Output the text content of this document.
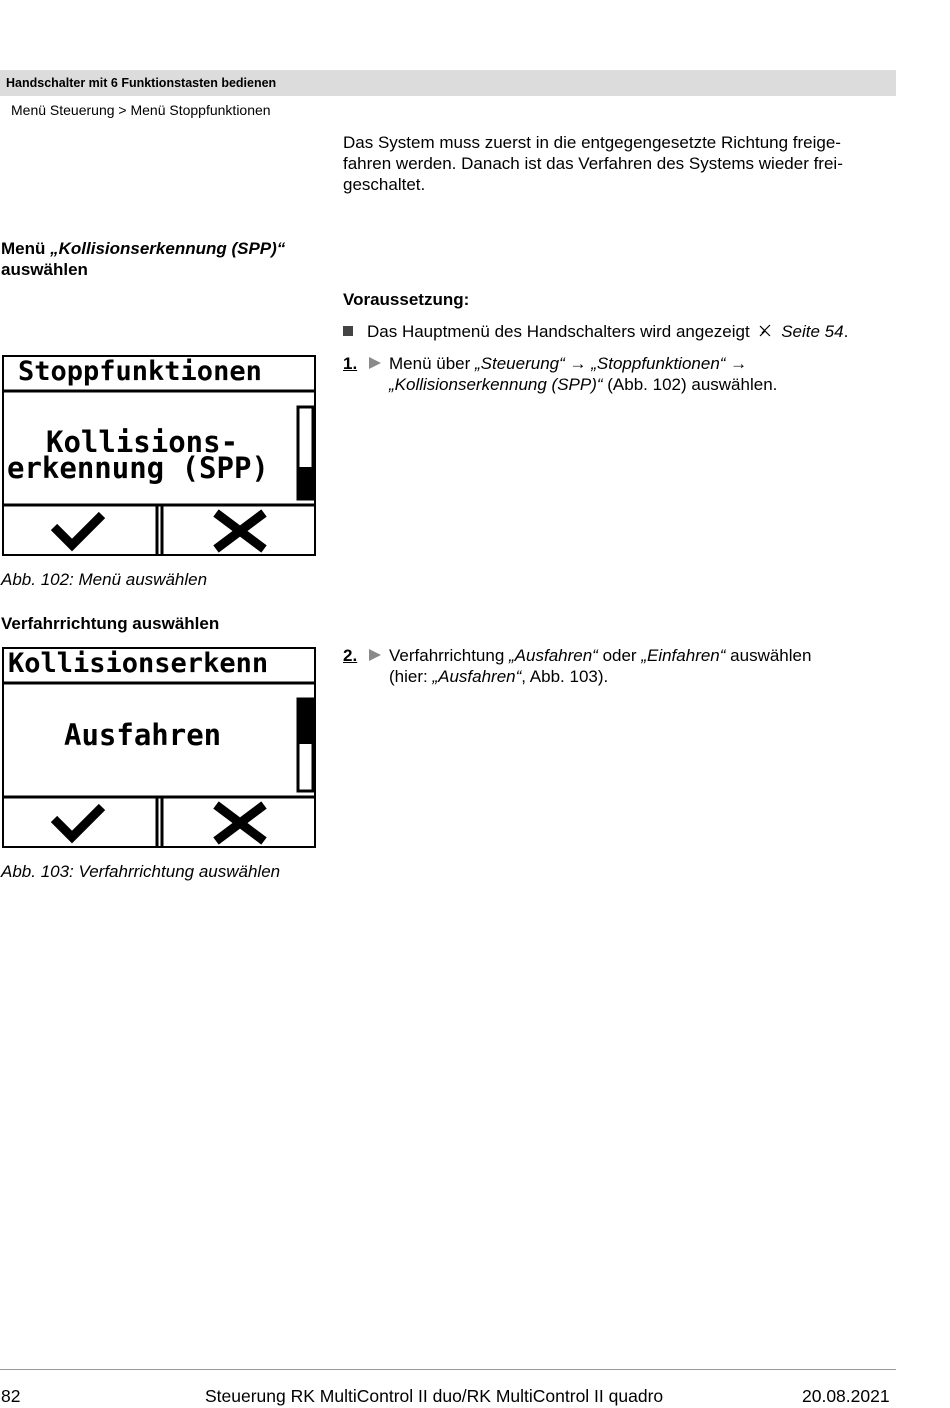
Handschalter mit 6 Funktionstasten bedienen
Menü Steuerung > Menü Stoppfunktionen
Das System muss zuerst in die entgegengesetzte Richtung freige-
fahren werden. Danach ist das Verfahren des Systems wieder frei-
geschaltet.
Menü „Kollisionserkennung (SPP)“
auswählen
Voraussetzung:
Das Hauptmenü des Handschalters wird angezeigt Seite 54.
1.	Menü über „Steuerung“ → „Stoppfunktionen“ →
„Kollisionserkennung (SPP)“ (Abb. 102) auswählen.
Stoppfunktionen
Kollisions-
erkennung (SPP)
Abb. 102: Menü auswählen
Verfahrrichtung auswählen
2.	Verfahrrichtung „Ausfahren“ oder „Einfahren“ auswählen
(hier: „Ausfahren“, Abb. 103).
Kollisionserkenn
Ausfahren
Abb. 103: Verfahrrichtung auswählen
82	Steuerung RK MultiControl II duo/RK MultiControl II quadro	20.08.2021
